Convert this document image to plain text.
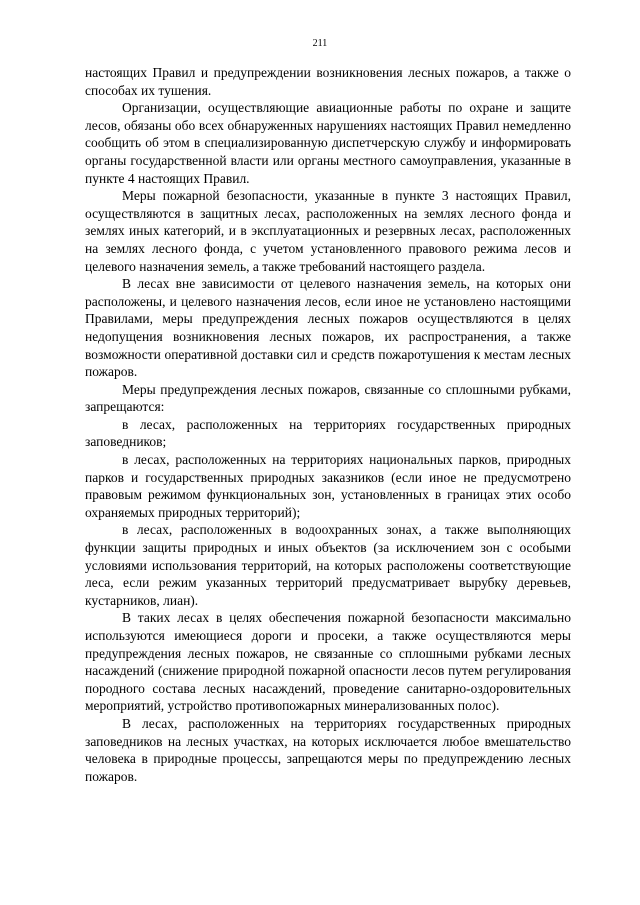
211

настоящих Правил и предупреждении возникновения лесных пожаров, а также о способах их тушения.

Организации, осуществляющие авиационные работы по охране и защите лесов, обязаны обо всех обнаруженных нарушениях настоящих Правил немедленно сообщить об этом в специализированную диспетчерскую службу и информировать органы государственной власти или органы местного самоуправления, указанные в пункте 4 настоящих Правил.

Меры пожарной безопасности, указанные в пункте 3 настоящих Правил, осуществляются в защитных лесах, расположенных на землях лесного фонда и землях иных категорий, и в эксплуатационных и резервных лесах, расположенных на землях лесного фонда, с учетом установленного правового режима лесов и целевого назначения земель, а также требований настоящего раздела.

В лесах вне зависимости от целевого назначения земель, на которых они расположены, и целевого назначения лесов, если иное не установлено настоящими Правилами, меры предупреждения лесных пожаров осуществляются в целях недопущения возникновения лесных пожаров, их распространения, а также возможности оперативной доставки сил и средств пожаротушения к местам лесных пожаров.

Меры предупреждения лесных пожаров, связанные со сплошными рубками, запрещаются:

в лесах, расположенных на территориях государственных природных заповедников;

в лесах, расположенных на территориях национальных парков, природных парков и государственных природных заказников (если иное не предусмотрено правовым режимом функциональных зон, установленных в границах этих особо охраняемых природных территорий);

в лесах, расположенных в водоохранных зонах, а также выполняющих функции защиты природных и иных объектов (за исключением зон с особыми условиями использования территорий, на которых расположены соответствующие леса, если режим указанных территорий предусматривает вырубку деревьев, кустарников, лиан).

В таких лесах в целях обеспечения пожарной безопасности максимально используются имеющиеся дороги и просеки, а также осуществляются меры предупреждения лесных пожаров, не связанные со сплошными рубками лесных насаждений (снижение природной пожарной опасности лесов путем регулирования породного состава лесных насаждений, проведение санитарно-оздоровительных мероприятий, устройство противопожарных минерализованных полос).

В лесах, расположенных на территориях государственных природных заповедников на лесных участках, на которых исключается любое вмешательство человека в природные процессы, запрещаются меры по предупреждению лесных пожаров.
